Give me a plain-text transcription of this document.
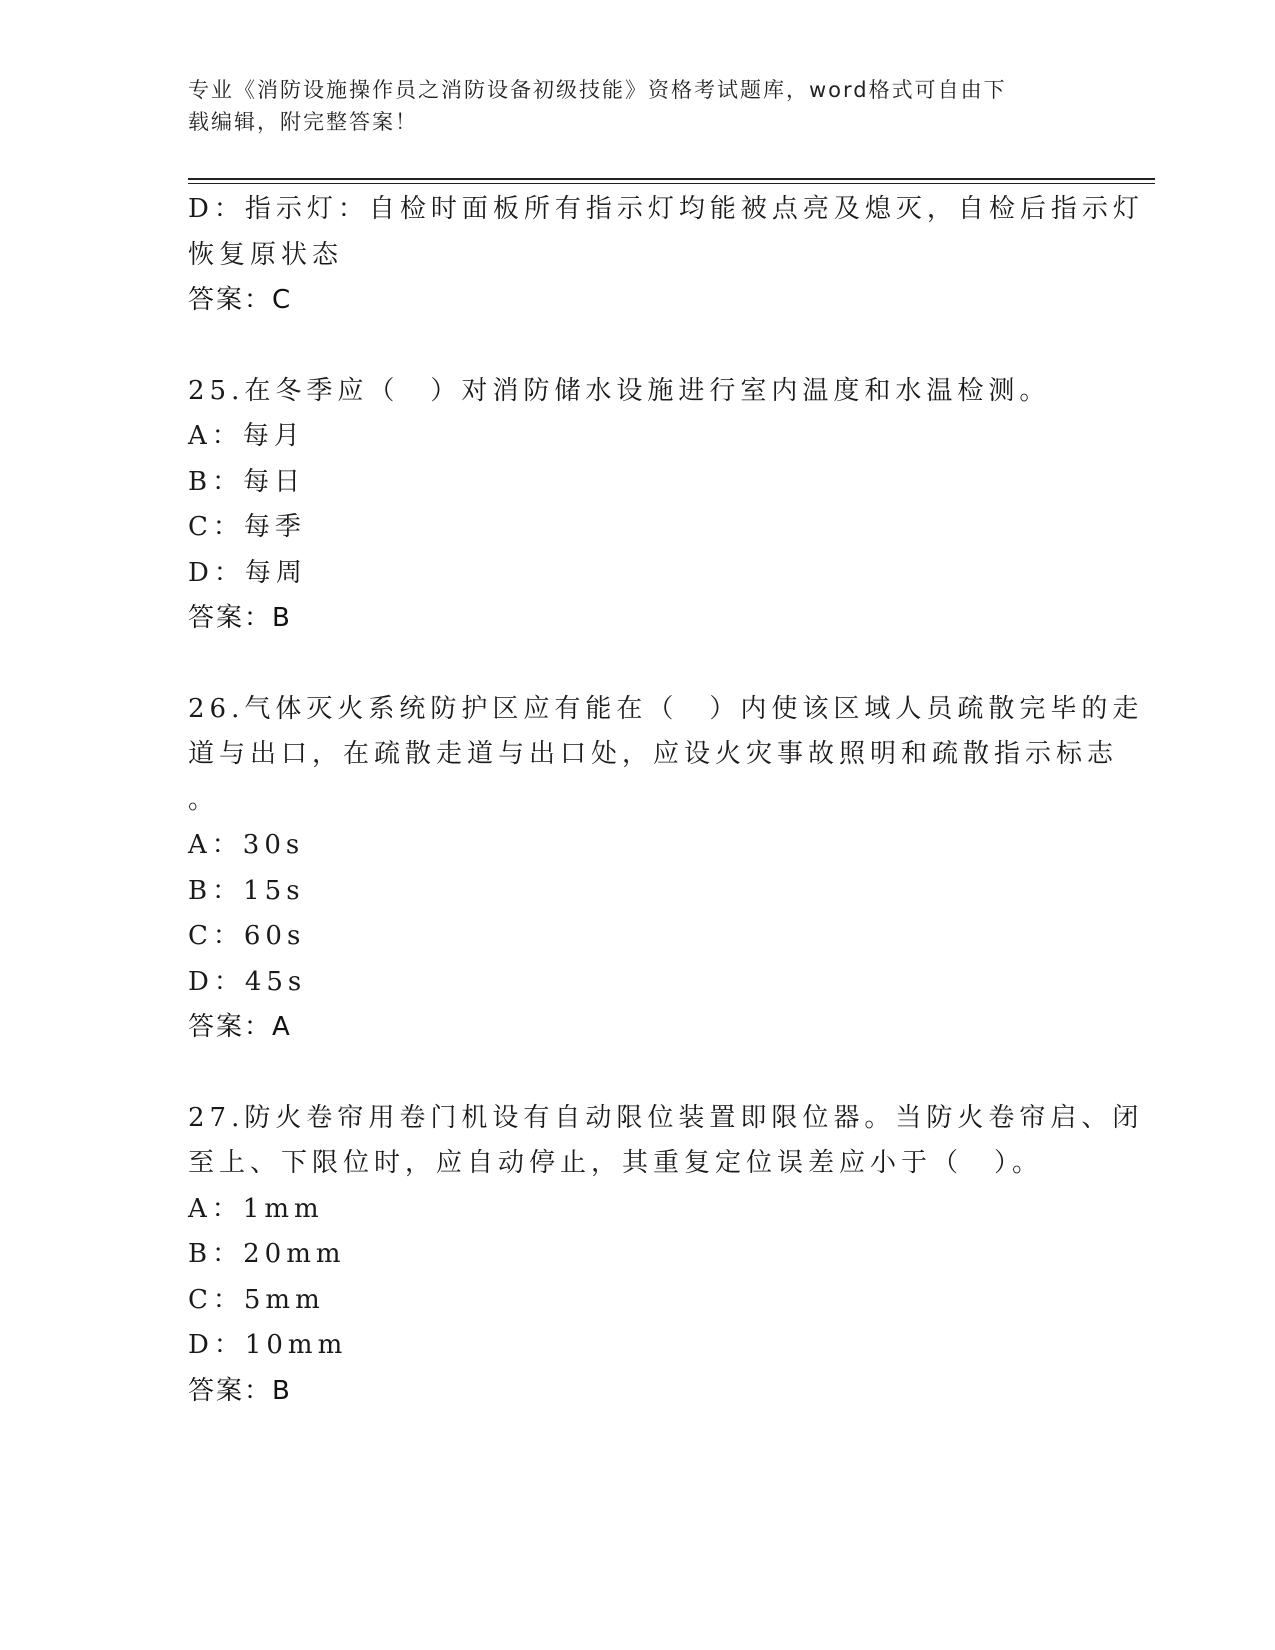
专业《消防设施操作员之消防设备初级技能》资格考试题库，word格式可自由下
载编辑，附完整答案！
D：指示灯：自检时面板所有指示灯均能被点亮及熄灭，自检后指示灯
恢复原状态
答案：C
25.在冬季应（　）对消防储水设施进行室内温度和水温检测。
A：每月
B：每日
C：每季
D：每周
答案：B
26.气体灭火系统防护区应有能在（　）内使该区域人员疏散完毕的走
道与出口，在疏散走道与出口处，应设火灾事故照明和疏散指示标志
。
A：30s
B：15s
C：60s
D：45s
答案：A
27.防火卷帘用卷门机设有自动限位装置即限位器。当防火卷帘启、闭
至上、下限位时，应自动停止，其重复定位误差应小于（　）。
A：1mm
B：20mm
C：5mm
D：10mm
答案：B
